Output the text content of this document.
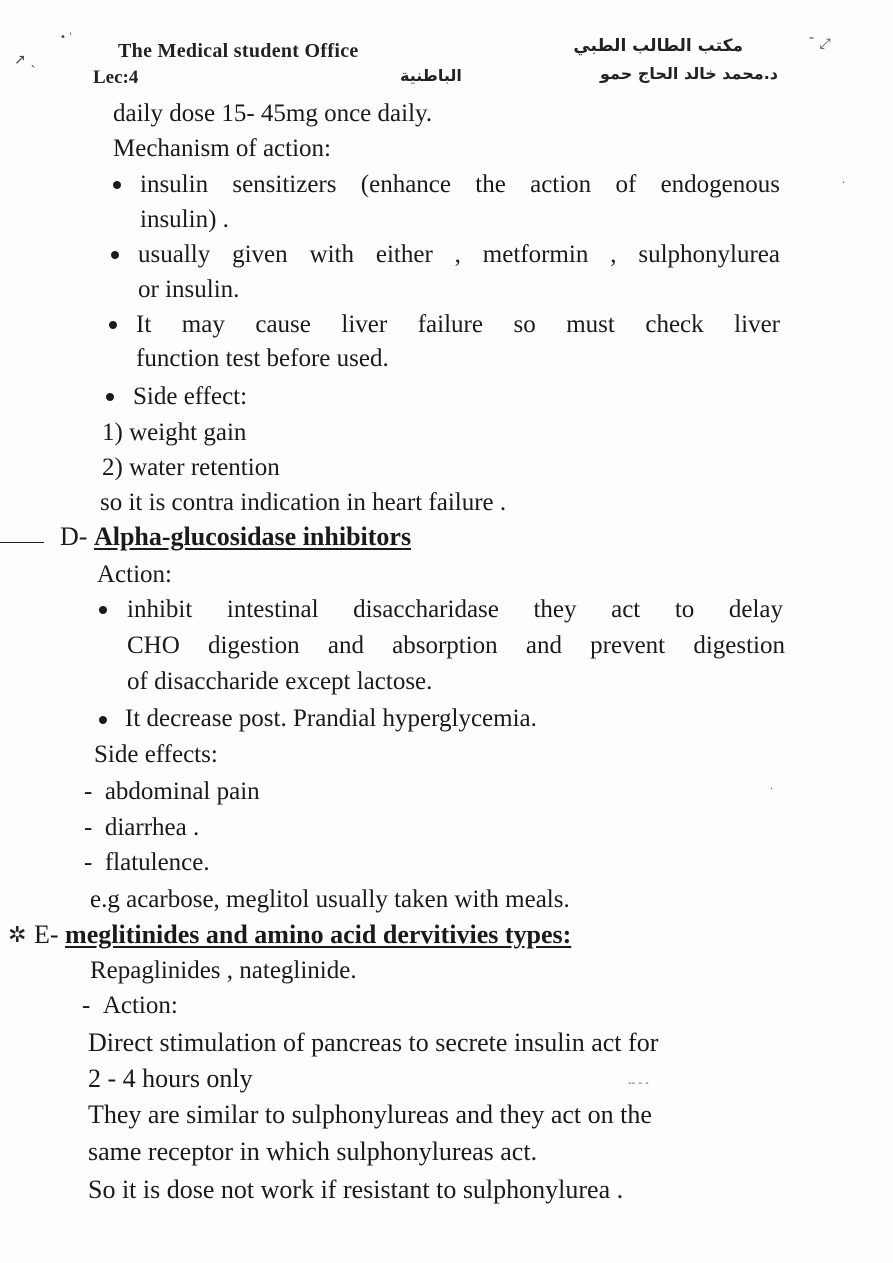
The Medical student Office
Lec:4
مكتب الطالب الطبي
د.محمد خالد الحاج حمو
الباطنية
↗ ˎ
• ˈ	ˉ ⤢
·
daily dose 15- 45mg once daily.
Mechanism of action:
insulin sensitizers (enhance the action of endogenous
insulin) .
usually given with either , metformin , sulphonylurea
or insulin.
It may cause liver failure so must check liver
function test before used.
Side effect:
1) weight gain
2) water retention
so it is contra indication in heart failure .
D- Alpha-glucosidase inhibitors
Action:
inhibit intestinal disaccharidase they act to delay
CHO digestion and absorption and prevent digestion
of disaccharide except lactose.
It decrease post. Prandial hyperglycemia.
Side effects:
-  abdominal pain
-  diarrhea .
-  flatulence.
e.g acarbose, meglitol usually taken with meals.
✲ E- meglitinides and amino acid dervitivies types:
Repaglinides , nateglinide.
-  Action:
Direct stimulation of pancreas to secrete insulin act for
2 - 4 hours only
They are similar to sulphonylureas and they act on the
same receptor in which sulphonylureas act.
So it is dose not work if resistant to sulphonylurea .
-- - -
·
